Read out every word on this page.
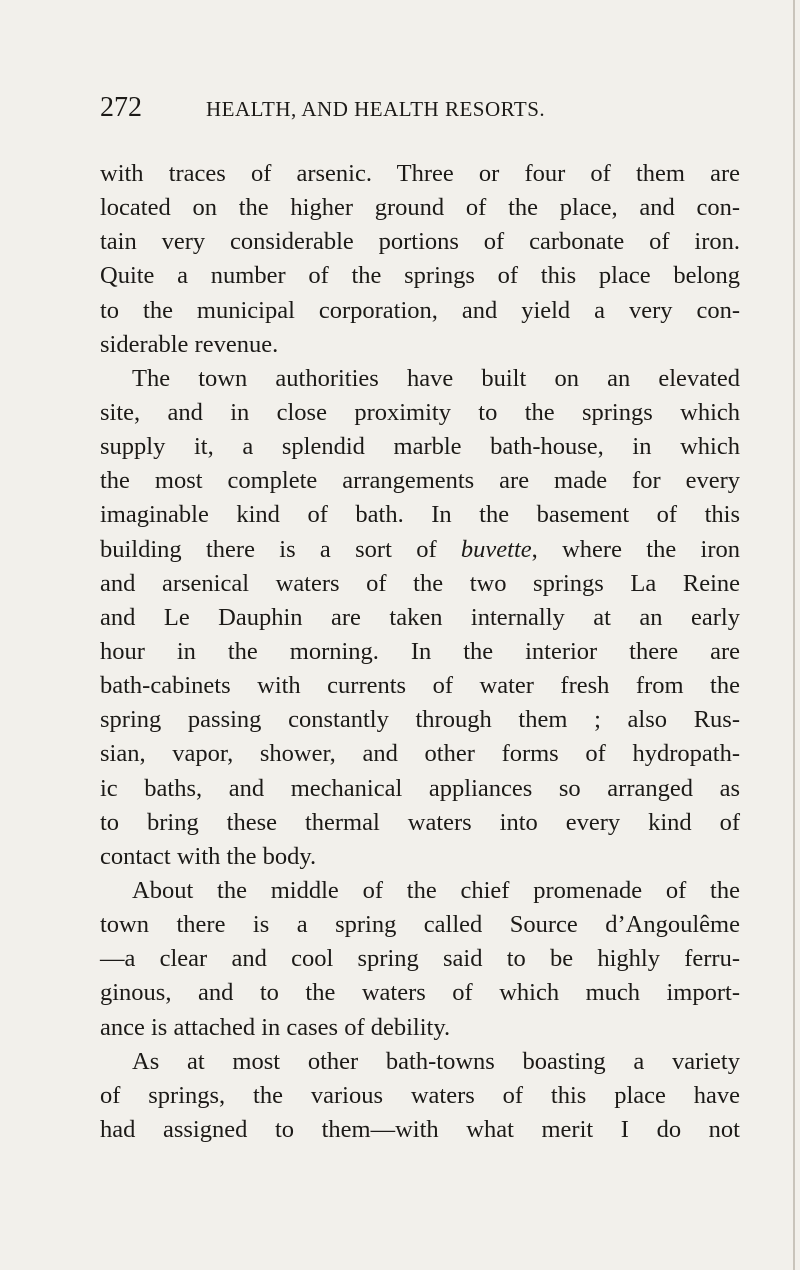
272	HEALTH, AND HEALTH RESORTS.
with traces of arsenic. Three or four of them are
located on the higher ground of the place, and con-
tain very considerable portions of carbonate of iron.
Quite a number of the springs of this place belong
to the municipal corporation, and yield a very con-
siderable revenue.
The town authorities have built on an elevated
site, and in close proximity to the springs which
supply it, a splendid marble bath-house, in which
the most complete arrangements are made for every
imaginable kind of bath. In the basement of this
building there is a sort of buvette, where the iron
and arsenical waters of the two springs La Reine
and Le Dauphin are taken internally at an early
hour in the morning. In the interior there are
bath-cabinets with currents of water fresh from the
spring passing constantly through them ; also Rus-
sian, vapor, shower, and other forms of hydropath-
ic baths, and mechanical appliances so arranged as
to bring these thermal waters into every kind of
contact with the body.
About the middle of the chief promenade of the
town there is a spring called Source d’Angoulême
—a clear and cool spring said to be highly ferru-
ginous, and to the waters of which much import-
ance is attached in cases of debility.
As at most other bath-towns boasting a variety
of springs, the various waters of this place have
had assigned to them—with what merit I do not
